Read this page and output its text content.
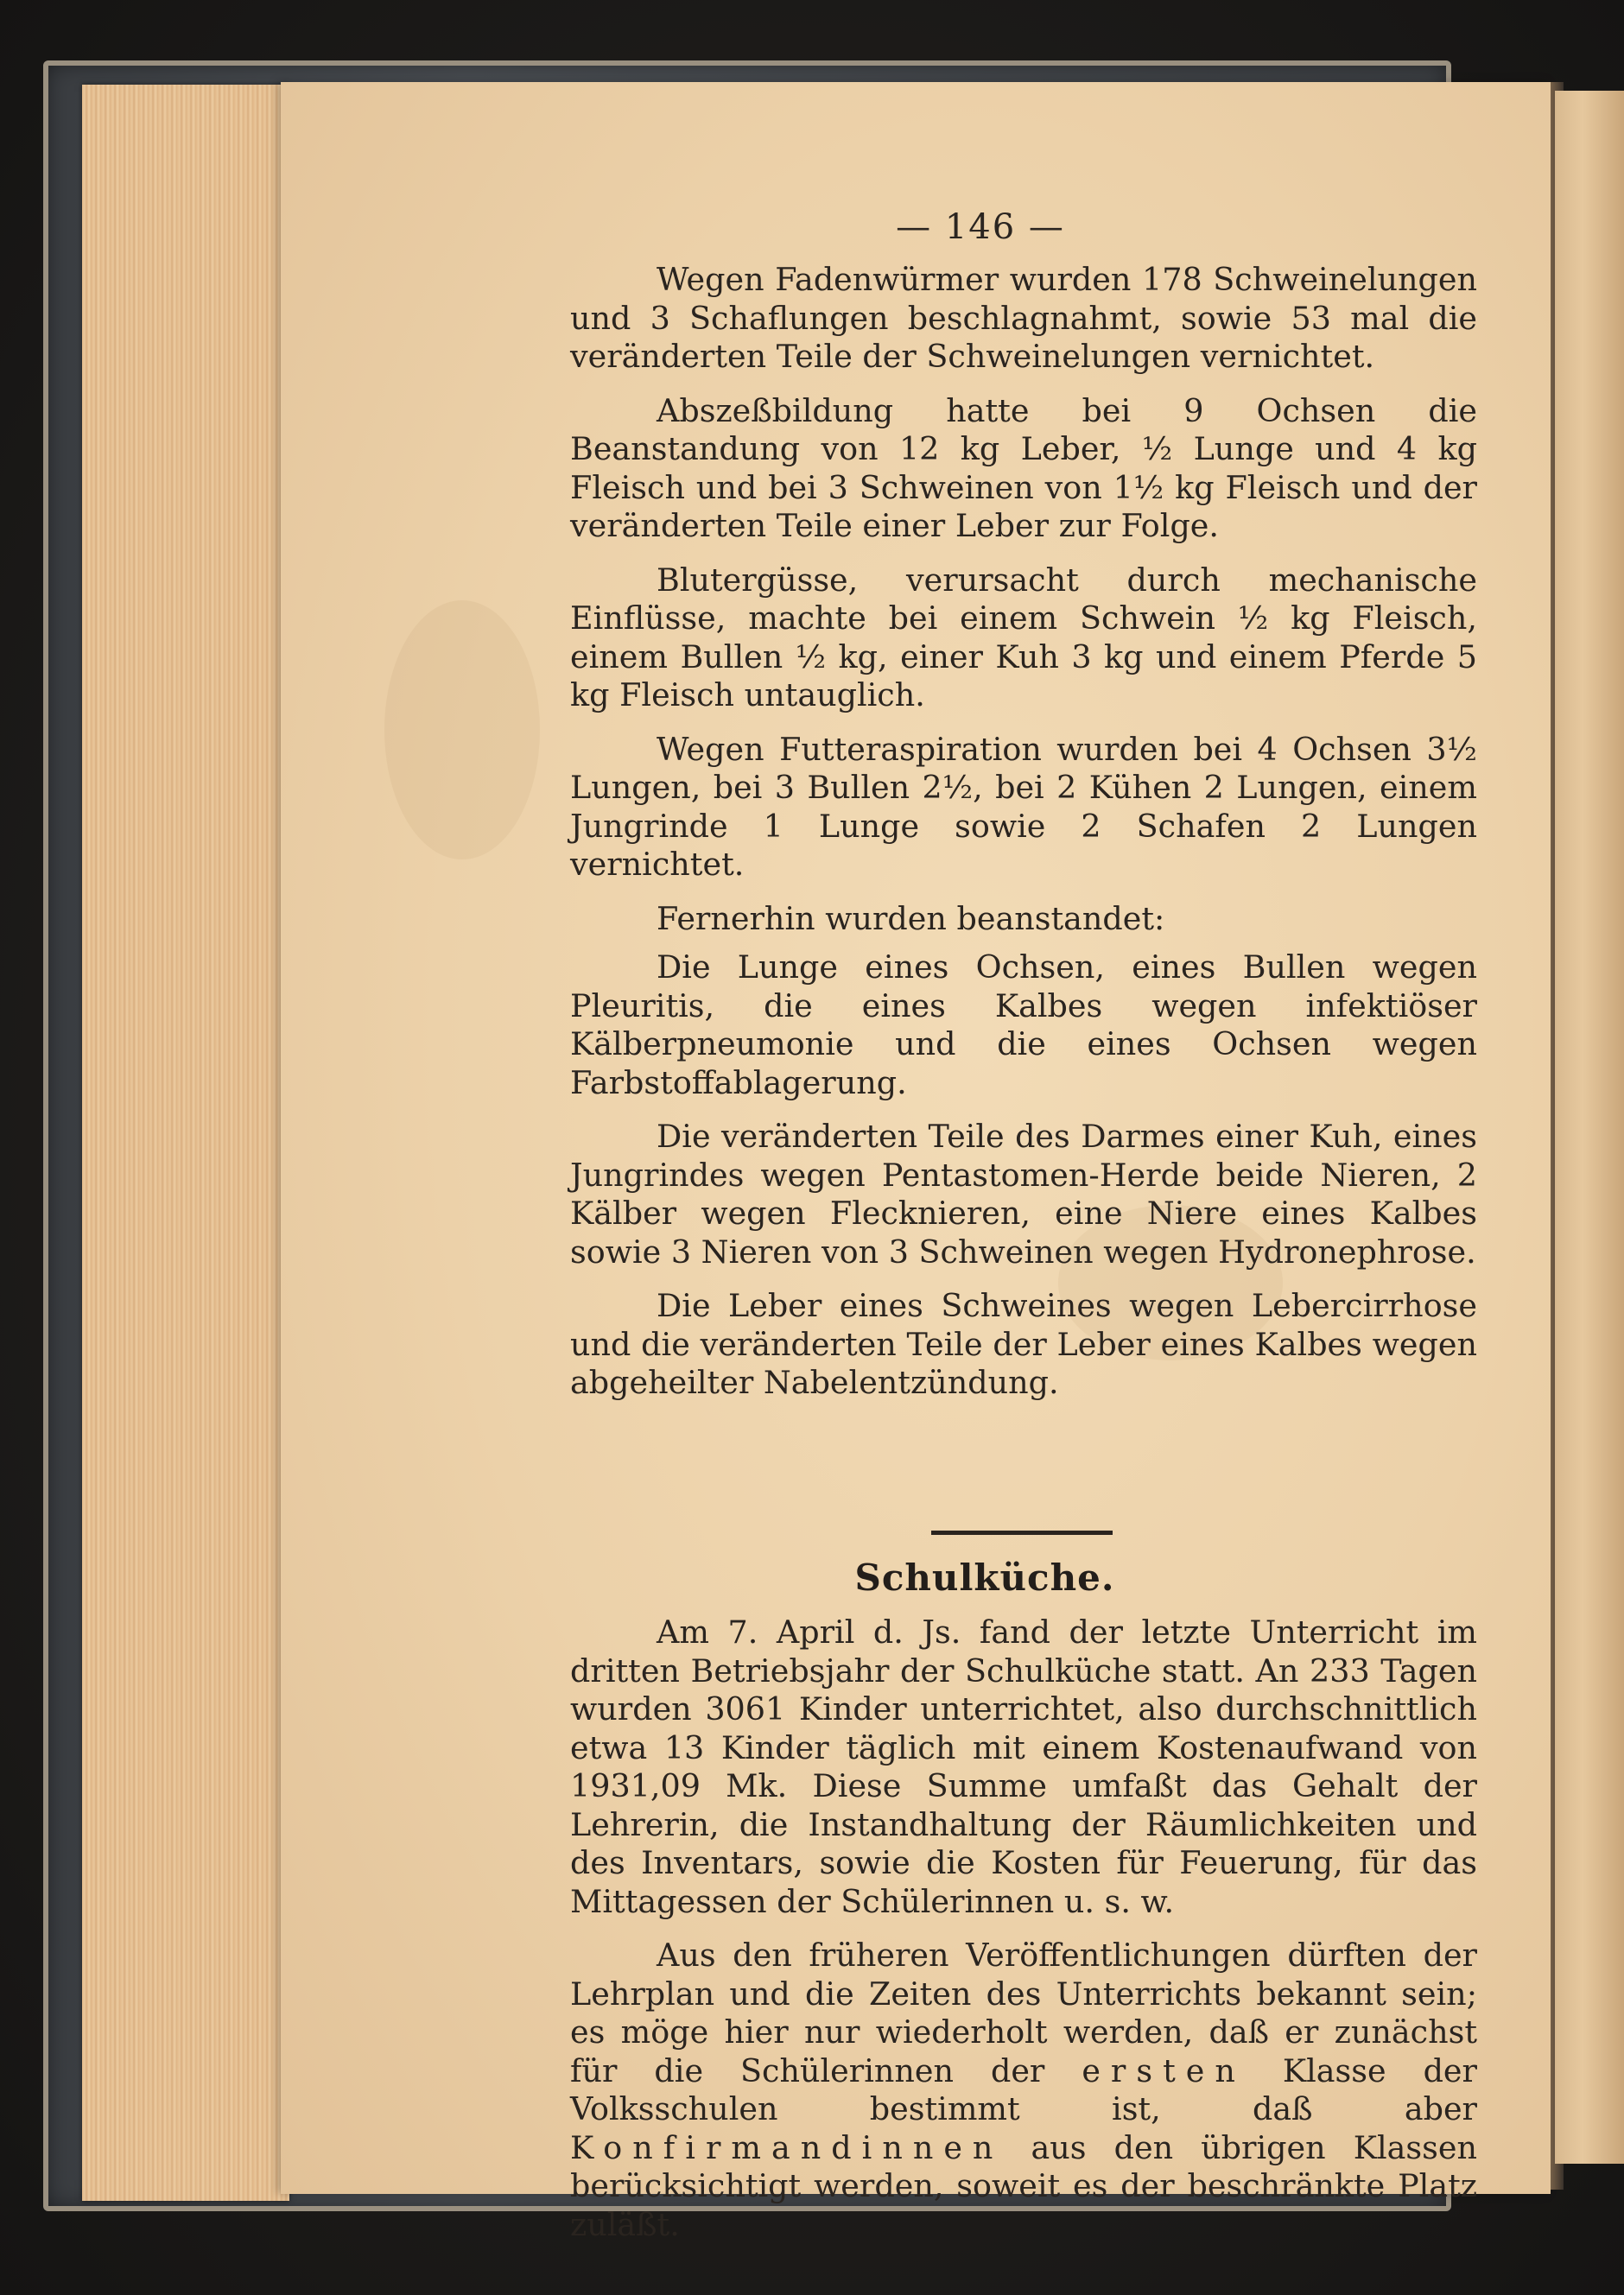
— 146 —

Wegen Fadenwürmer wurden 178 Schweinelungen und 3 Schaflungen beschlagnahmt, sowie 53 mal die veränderten Teile der Schweinelungen vernichtet.

Abszeßbildung hatte bei 9 Ochsen die Beanstandung von 12 kg Leber, ½ Lunge und 4 kg Fleisch und bei 3 Schweinen von 1½ kg Fleisch und der veränderten Teile einer Leber zur Folge.

Blutergüsse, verursacht durch mechanische Einflüsse, machte bei einem Schwein ½ kg Fleisch, einem Bullen ½ kg, einer Kuh 3 kg und einem Pferde 5 kg Fleisch untauglich.

Wegen Futteraspiration wurden bei 4 Ochsen 3½ Lungen, bei 3 Bullen 2½, bei 2 Kühen 2 Lungen, einem Jungrinde 1 Lunge sowie 2 Schafen 2 Lungen vernichtet.

Fernerhin wurden beanstandet:

Die Lunge eines Ochsen, eines Bullen wegen Pleuritis, die eines Kalbes wegen infektiöser Kälberpneumonie und die eines Ochsen wegen Farbstoffablagerung.

Die veränderten Teile des Darmes einer Kuh, eines Jungrindes wegen Pentastomen-Herde beide Nieren, 2 Kälber wegen Flecknieren, eine Niere eines Kalbes sowie 3 Nieren von 3 Schweinen wegen Hydronephrose.

Die Leber eines Schweines wegen Lebercirrhose und die veränderten Teile der Leber eines Kalbes wegen abgeheilter Nabelentzündung.

Schulküche.

Am 7. April d. Js. fand der letzte Unterricht im dritten Betriebsjahr der Schulküche statt. An 233 Tagen wurden 3061 Kinder unterrichtet, also durchschnittlich etwa 13 Kinder täglich mit einem Kostenaufwand von 1931,09 Mk. Diese Summe umfaßt das Gehalt der Lehrerin, die Instandhaltung der Räumlichkeiten und des Inventars, sowie die Kosten für Feuerung, für das Mittagessen der Schülerinnen u. s. w.

Aus den früheren Veröffentlichungen dürften der Lehrplan und die Zeiten des Unterrichts bekannt sein; es möge hier nur wiederholt werden, daß er zunächst für die Schülerinnen der ersten Klasse der Volksschulen bestimmt ist, daß aber Konfirmandinnen aus den übrigen Klassen berücksichtigt werden, soweit es der beschränkte Platz zuläßt.
